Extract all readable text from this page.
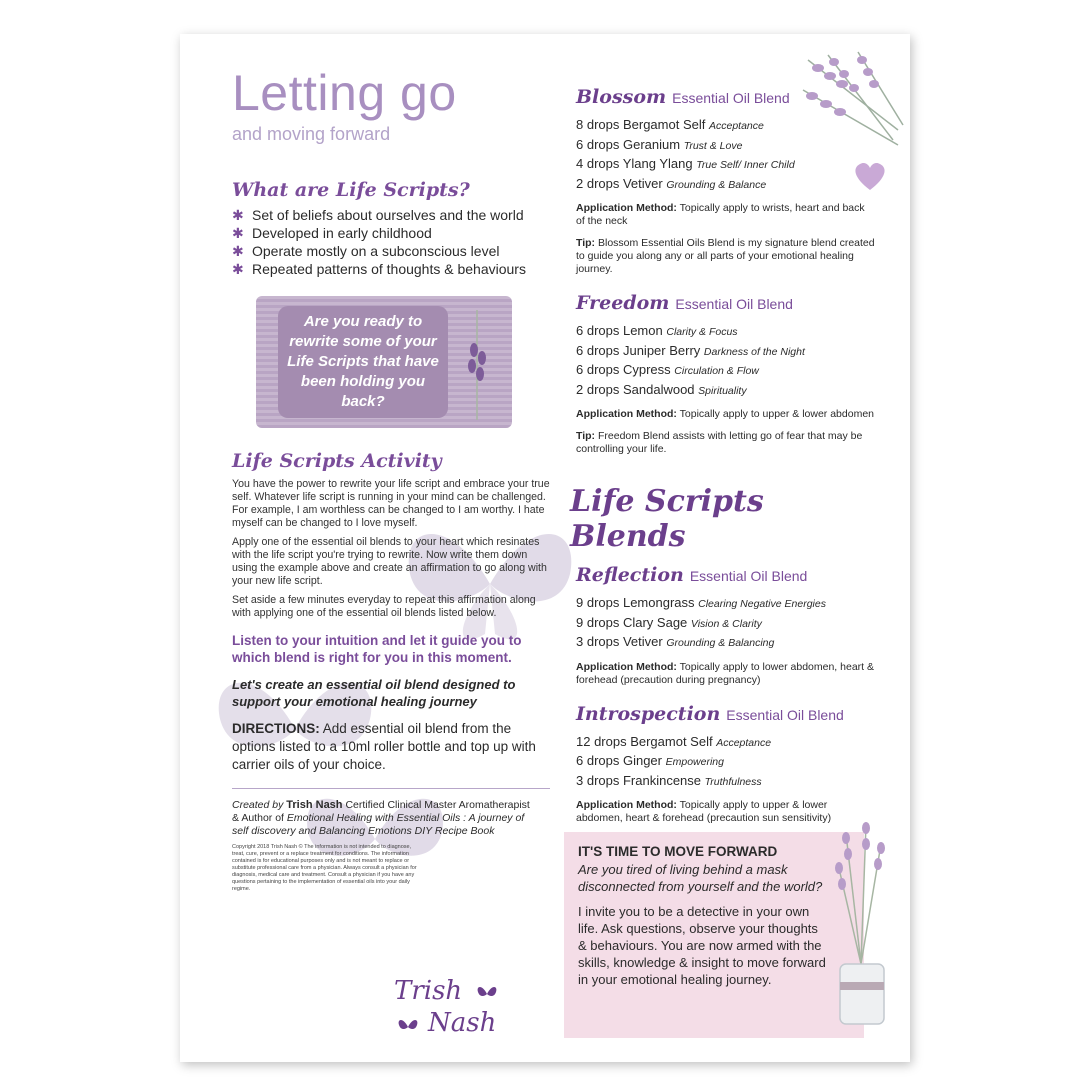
Letting go
and moving forward
What are Life Scripts?
✱ Set of beliefs about ourselves and the world
✱ Developed in early childhood
✱ Operate mostly on a subconscious level
✱ Repeated patterns of thoughts & behaviours
Are you ready to rewrite some of your Life Scripts that have been holding you back?
Life Scripts Activity

You have the power to rewrite your life script and embrace your true self. Whatever life script is running in your mind can be challenged. For example, I am worthless can be changed to I am worthy. I hate myself can be changed to I love myself.

Apply one of the essential oil blends to your heart which resinates with the life script you're trying to rewrite. Now write them down using the example above and create an affirmation to go along with your new life script.

Set aside a few minutes everyday to repeat this affirmation along with applying one of the essential oil blends listed below.

Listen to your intuition and let it guide you to which blend is right for you in this moment.
Let's create an essential oil blend designed to support your emotional healing journey
DIRECTIONS: Add essential oil blend from the options listed to a 10ml roller bottle and top up with carrier oils of your choice.
Created by Trish Nash Certified Clinical Master Aromatherapist & Author of Emotional Healing with Essential Oils : A journey of self discovery and Balancing Emotions DIY Recipe Book
Copyright 2018 Trish Nash © The information is not intended to diagnose, treat, cure, prevent or a replace treatment for conditions. The information contained is for educational purposes only and is not meant to replace or substitute professional care from a physician. Always consult a physician for diagnosis, medical care and treatment. Consult a physician if you have any questions pertaining to the implementation of essential oils into your daily regime.
Trish
Nash
Blossom Essential Oil Blend
8 drops Bergamot Self Acceptance
6 drops Geranium Trust & Love
4 drops Ylang Ylang True Self/ Inner Child
2 drops Vetiver Grounding & Balance
Application Method: Topically apply to wrists, heart and back of the neck
Tip: Blossom Essential Oils Blend is my signature blend created to guide you along any or all parts of your emotional healing journey.
Freedom Essential Oil Blend
6 drops Lemon Clarity & Focus
6 drops Juniper Berry Darkness of the Night
6 drops Cypress Circulation & Flow
2 drops Sandalwood Spirituality
Application Method: Topically apply to upper & lower abdomen
Tip: Freedom Blend assists with letting go of fear that may be controlling your life.
Life Scripts Blends
Reflection Essential Oil Blend
9 drops Lemongrass Clearing Negative Energies
9 drops Clary Sage Vision & Clarity
3 drops Vetiver Grounding & Balancing
Application Method: Topically apply to lower abdomen, heart & forehead (precaution during pregnancy)
Introspection Essential Oil Blend
12 drops Bergamot Self Acceptance
6 drops Ginger Empowering
3 drops Frankincense Truthfulness
Application Method: Topically apply to upper & lower abdomen, heart & forehead (precaution sun sensitivity)
IT'S TIME TO MOVE FORWARD
Are you tired of living behind a mask disconnected from yourself and the world?
I invite you to be a detective in your own life. Ask questions, observe your thoughts & behaviours. You are now armed with the skills, knowledge & insight to move forward in your emotional healing journey.
